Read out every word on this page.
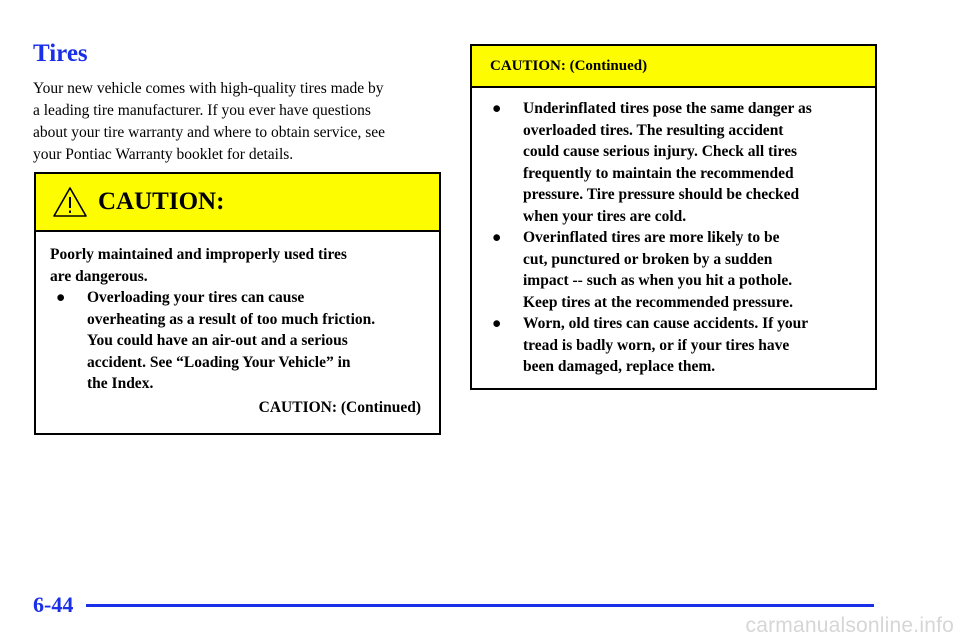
Tires
Your new vehicle comes with high-quality tires made by
a leading tire manufacturer. If you ever have questions
about your tire warranty and where to obtain service, see
your Pontiac Warranty booklet for details.
CAUTION:
Poorly maintained and improperly used tires
are dangerous.
●	Overloading your tires can cause
overheating as a result of too much friction.
You could have an air-out and a serious
accident. See “Loading Your Vehicle” in
the Index.
CAUTION: (Continued)
CAUTION: (Continued)
●	Underinflated tires pose the same danger as
overloaded tires. The resulting accident
could cause serious injury. Check all tires
frequently to maintain the recommended
pressure. Tire pressure should be checked
when your tires are cold.
●	Overinflated tires are more likely to be
cut, punctured or broken by a sudden
impact -- such as when you hit a pothole.
Keep tires at the recommended pressure.
●	Worn, old tires can cause accidents. If your
tread is badly worn, or if your tires have
been damaged, replace them.
6-44
carmanualsonline.info
